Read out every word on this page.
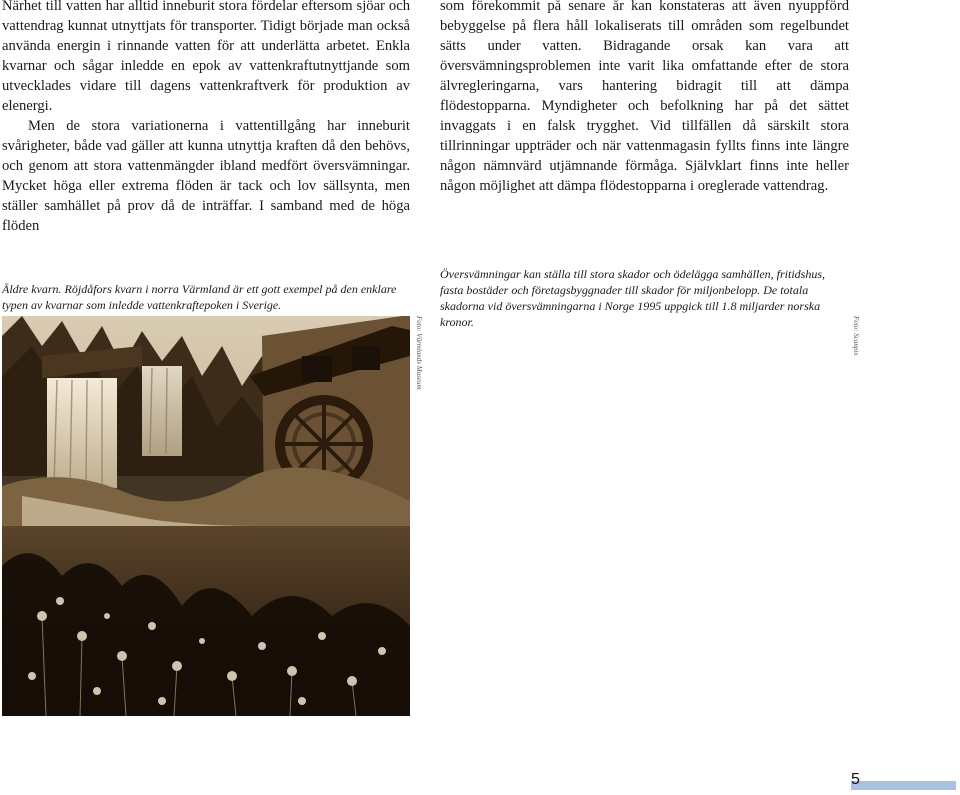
Närhet till vatten har alltid inneburit stora fördelar eftersom sjöar och vattendrag kunnat utnyttjats för transporter. Tidigt började man också använda energin i rinnande vatten för att underlätta arbetet. Enkla kvarnar och sågar inledde en epok av vattenkraftutnyttjande som utvecklades vidare till dagens vattenkraftverk för produktion av elenergi.

Men de stora variationerna i vattentillgång har inneburit svårigheter, både vad gäller att kunna utnyttja kraften då den behövs, och genom att stora vattenmängder ibland medfört översvämningar. Mycket höga eller extrema flöden är tack och lov sällsynta, men ställer samhället på prov då de inträffar. I samband med de höga flöden

som förekommit på senare år kan konstateras att även nyuppförd bebyggelse på flera håll lokaliserats till områden som regelbundet sätts under vatten. Bidragande orsak kan vara att översvämningsproblemen inte varit lika omfattande efter de stora älvregleringarna, vars hantering bidragit till att dämpa flödestopparna. Myndigheter och befolkning har på det sättet invaggats i en falsk trygghet. Vid tillfällen då särskilt stora tillrinningar uppträder och när vattenmagasin fyllts finns inte längre någon nämnvärd utjämnande förmåga. Självklart finns inte heller någon möjlighet att dämpa flödestopparna i oreglerade vattendrag.

Äldre kvarn. Röjdåfors kvarn i norra Värmland är ett gott exempel på den enklare typen av kvarnar som inledde vattenkraftepoken i Sverige.
Översvämningar kan ställa till stora skador och ödelägga samhällen, fritidshus, fasta bostäder och företagsbyggnader till skador för miljonbelopp. De totala skadorna vid översvämningarna i Norge 1995 uppgick till 1.8 miljarder norska kronor.
Foto: Värmlands Museum	Foto: Scanpix
5
